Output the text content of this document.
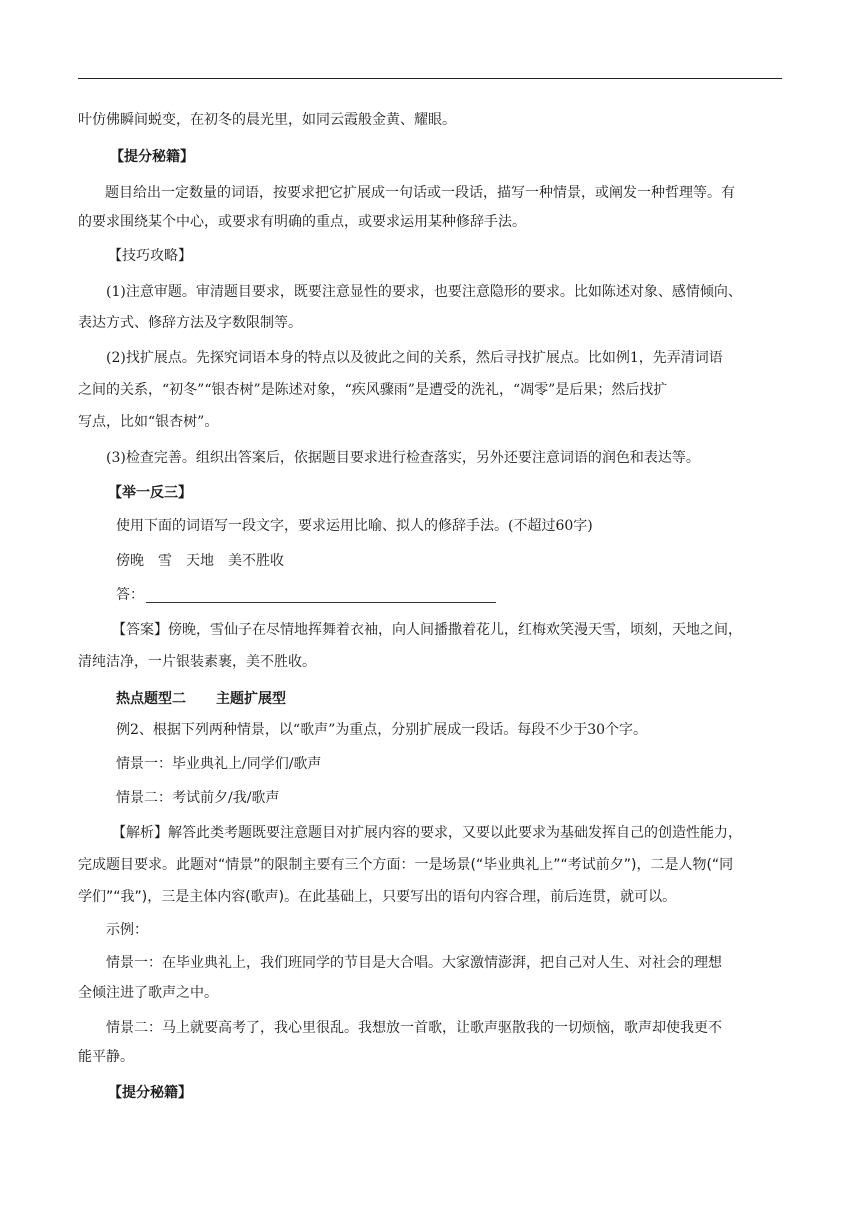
叶仿佛瞬间蜕变，在初冬的晨光里，如同云霞般金黄、耀眼。
【提分秘籍】
题目给出一定数量的词语，按要求把它扩展成一句话或一段话，描写一种情景，或阐发一种哲理等。有
的要求围绕某个中心，或要求有明确的重点，或要求运用某种修辞手法。
【技巧攻略】
(1)注意审题。审清题目要求，既要注意显性的要求，也要注意隐形的要求。比如陈述对象、感情倾向、
表达方式、修辞方法及字数限制等。
(2)找扩展点。先探究词语本身的特点以及彼此之间的关系，然后寻找扩展点。比如例1，先弄清词语
之间的关系，“初冬”“银杏树”是陈述对象，“疾风骤雨”是遭受的洗礼，“凋零”是后果；然后找扩
写点，比如“银杏树”。
(3)检查完善。组织出答案后，依据题目要求进行检查落实，另外还要注意词语的润色和表达等。
【举一反三】
使用下面的词语写一段文字，要求运用比喻、拟人的修辞手法。(不超过60字)
傍晚　雪　天地　美不胜收
答：
【答案】傍晚，雪仙子在尽情地挥舞着衣袖，向人间播撒着花儿，红梅欢笑漫天雪，顷刻，天地之间，
清纯洁净，一片银装素裹，美不胜收。
热点题型二 主题扩展型
例2、根据下列两种情景，以“歌声”为重点，分别扩展成一段话。每段不少于30个字。
情景一：毕业典礼上/同学们/歌声
情景二：考试前夕/我/歌声
【解析】解答此类考题既要注意题目对扩展内容的要求，又要以此要求为基础发挥自己的创造性能力，
完成题目要求。此题对“情景”的限制主要有三个方面：一是场景(“毕业典礼上”“考试前夕”)，二是人物(“同
学们”“我”)，三是主体内容(歌声)。在此基础上，只要写出的语句内容合理，前后连贯，就可以。
示例：
情景一：在毕业典礼上，我们班同学的节目是大合唱。大家激情澎湃，把自己对人生、对社会的理想
全倾注进了歌声之中。
情景二：马上就要高考了，我心里很乱。我想放一首歌，让歌声驱散我的一切烦恼，歌声却使我更不
能平静。
【提分秘籍】
